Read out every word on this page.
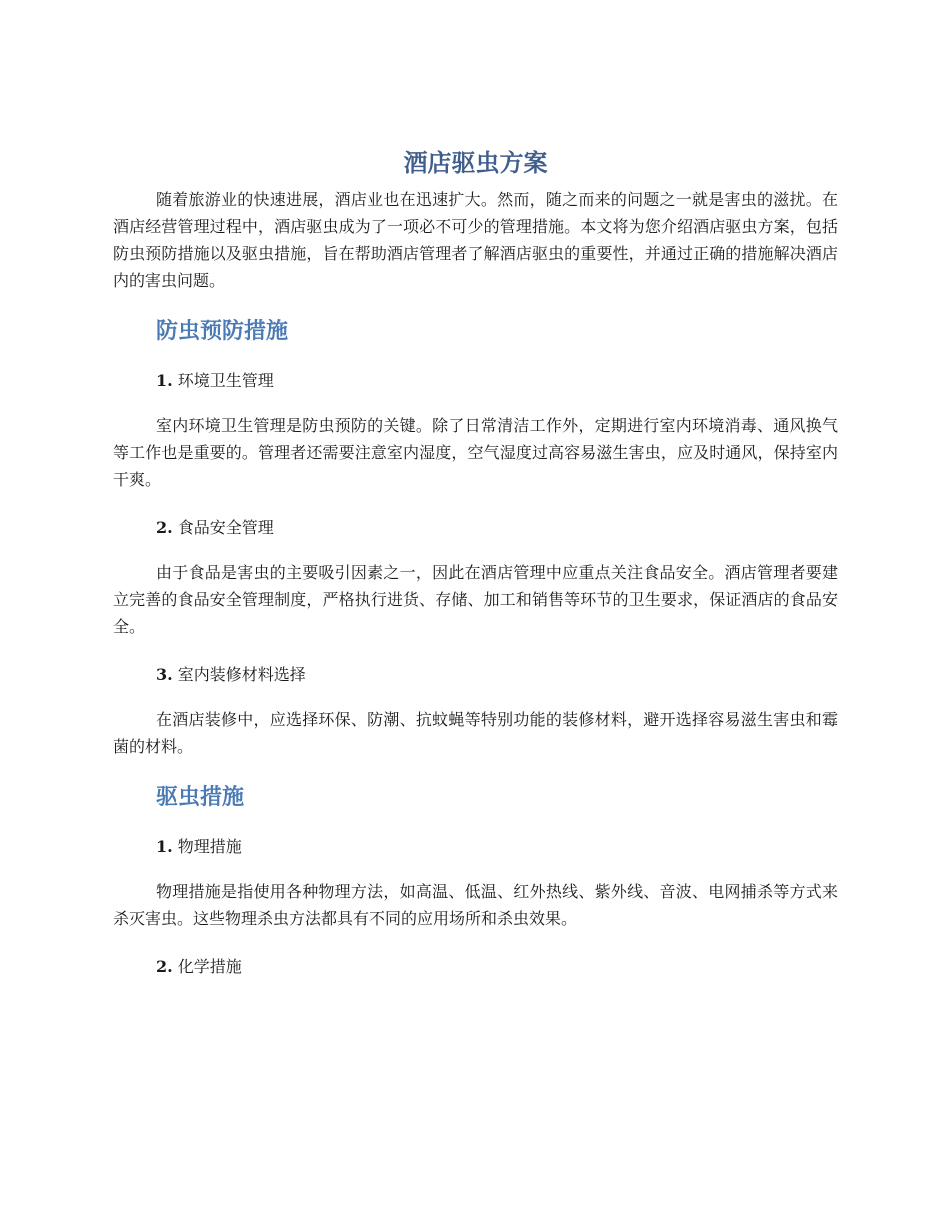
酒店驱虫方案

随着旅游业的快速进展，酒店业也在迅速扩大。然而，随之而来的问题之一就是害虫的滋扰。在酒店经营管理过程中，酒店驱虫成为了一项必不可少的管理措施。本文将为您介绍酒店驱虫方案，包括防虫预防措施以及驱虫措施，旨在帮助酒店管理者了解酒店驱虫的重要性，并通过正确的措施解决酒店内的害虫问题。

防虫预防措施
1. 环境卫生管理

室内环境卫生管理是防虫预防的关键。除了日常清洁工作外，定期进行室内环境消毒、通风换气等工作也是重要的。管理者还需要注意室内湿度，空气湿度过高容易滋生害虫，应及时通风，保持室内干爽。

2. 食品安全管理

由于食品是害虫的主要吸引因素之一，因此在酒店管理中应重点关注食品安全。酒店管理者要建立完善的食品安全管理制度，严格执行进货、存储、加工和销售等环节的卫生要求，保证酒店的食品安全。

3. 室内装修材料选择

在酒店装修中，应选择环保、防潮、抗蚊蝇等特别功能的装修材料，避开选择容易滋生害虫和霉菌的材料。

驱虫措施
1. 物理措施

物理措施是指使用各种物理方法，如高温、低温、红外热线、紫外线、音波、电网捕杀等方式来杀灭害虫。这些物理杀虫方法都具有不同的应用场所和杀虫效果。

2. 化学措施
